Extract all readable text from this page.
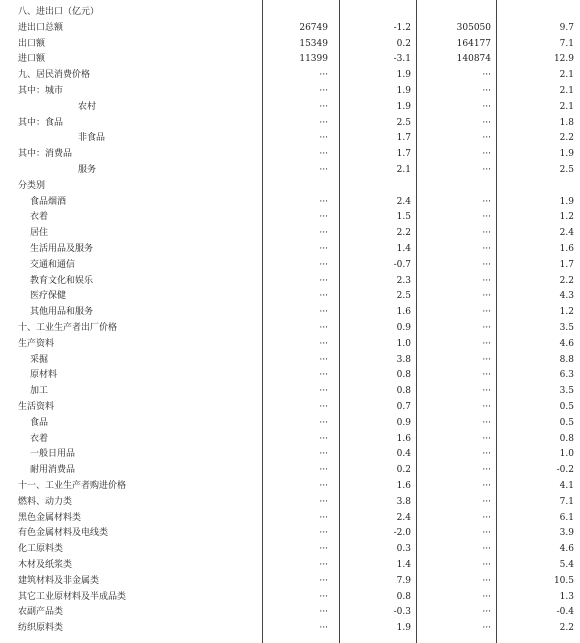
八、进出口（亿元）
进出口总额	26749	-1.2	305050	9.7
出口额	15349	0.2	164177	7.1
进口额	11399	-3.1	140874	12.9
九、居民消费价格	···	1.9	···	2.1
其中：城市	···	1.9	···	2.1
农村	···	1.9	···	2.1
其中：食品	···	2.5	···	1.8
非食品	···	1.7	···	2.2
其中：消费品	···	1.7	···	1.9
服务	···	2.1	···	2.5
分类别
食品烟酒	···	2.4	···	1.9
衣着	···	1.5	···	1.2
居住	···	2.2	···	2.4
生活用品及服务	···	1.4	···	1.6
交通和通信	···	-0.7	···	1.7
教育文化和娱乐	···	2.3	···	2.2
医疗保健	···	2.5	···	4.3
其他用品和服务	···	1.6	···	1.2
十、工业生产者出厂价格	···	0.9	···	3.5
生产资料	···	1.0	···	4.6
采掘	···	3.8	···	8.8
原材料	···	0.8	···	6.3
加工	···	0.8	···	3.5
生活资料	···	0.7	···	0.5
食品	···	0.9	···	0.5
衣着	···	1.6	···	0.8
一般日用品	···	0.4	···	1.0
耐用消费品	···	0.2	···	-0.2
十一、工业生产者购进价格	···	1.6	···	4.1
燃料、动力类	···	3.8	···	7.1
黑色金属材料类	···	2.4	···	6.1
有色金属材料及电线类	···	-2.0	···	3.9
化工原料类	···	0.3	···	4.6
木材及纸浆类	···	1.4	···	5.4
建筑材料及非金属类	···	7.9	···	10.5
其它工业原材料及半成品类	···	0.8	···	1.3
农副产品类	···	-0.3	···	-0.4
纺织原料类	···	1.9	···	2.2
